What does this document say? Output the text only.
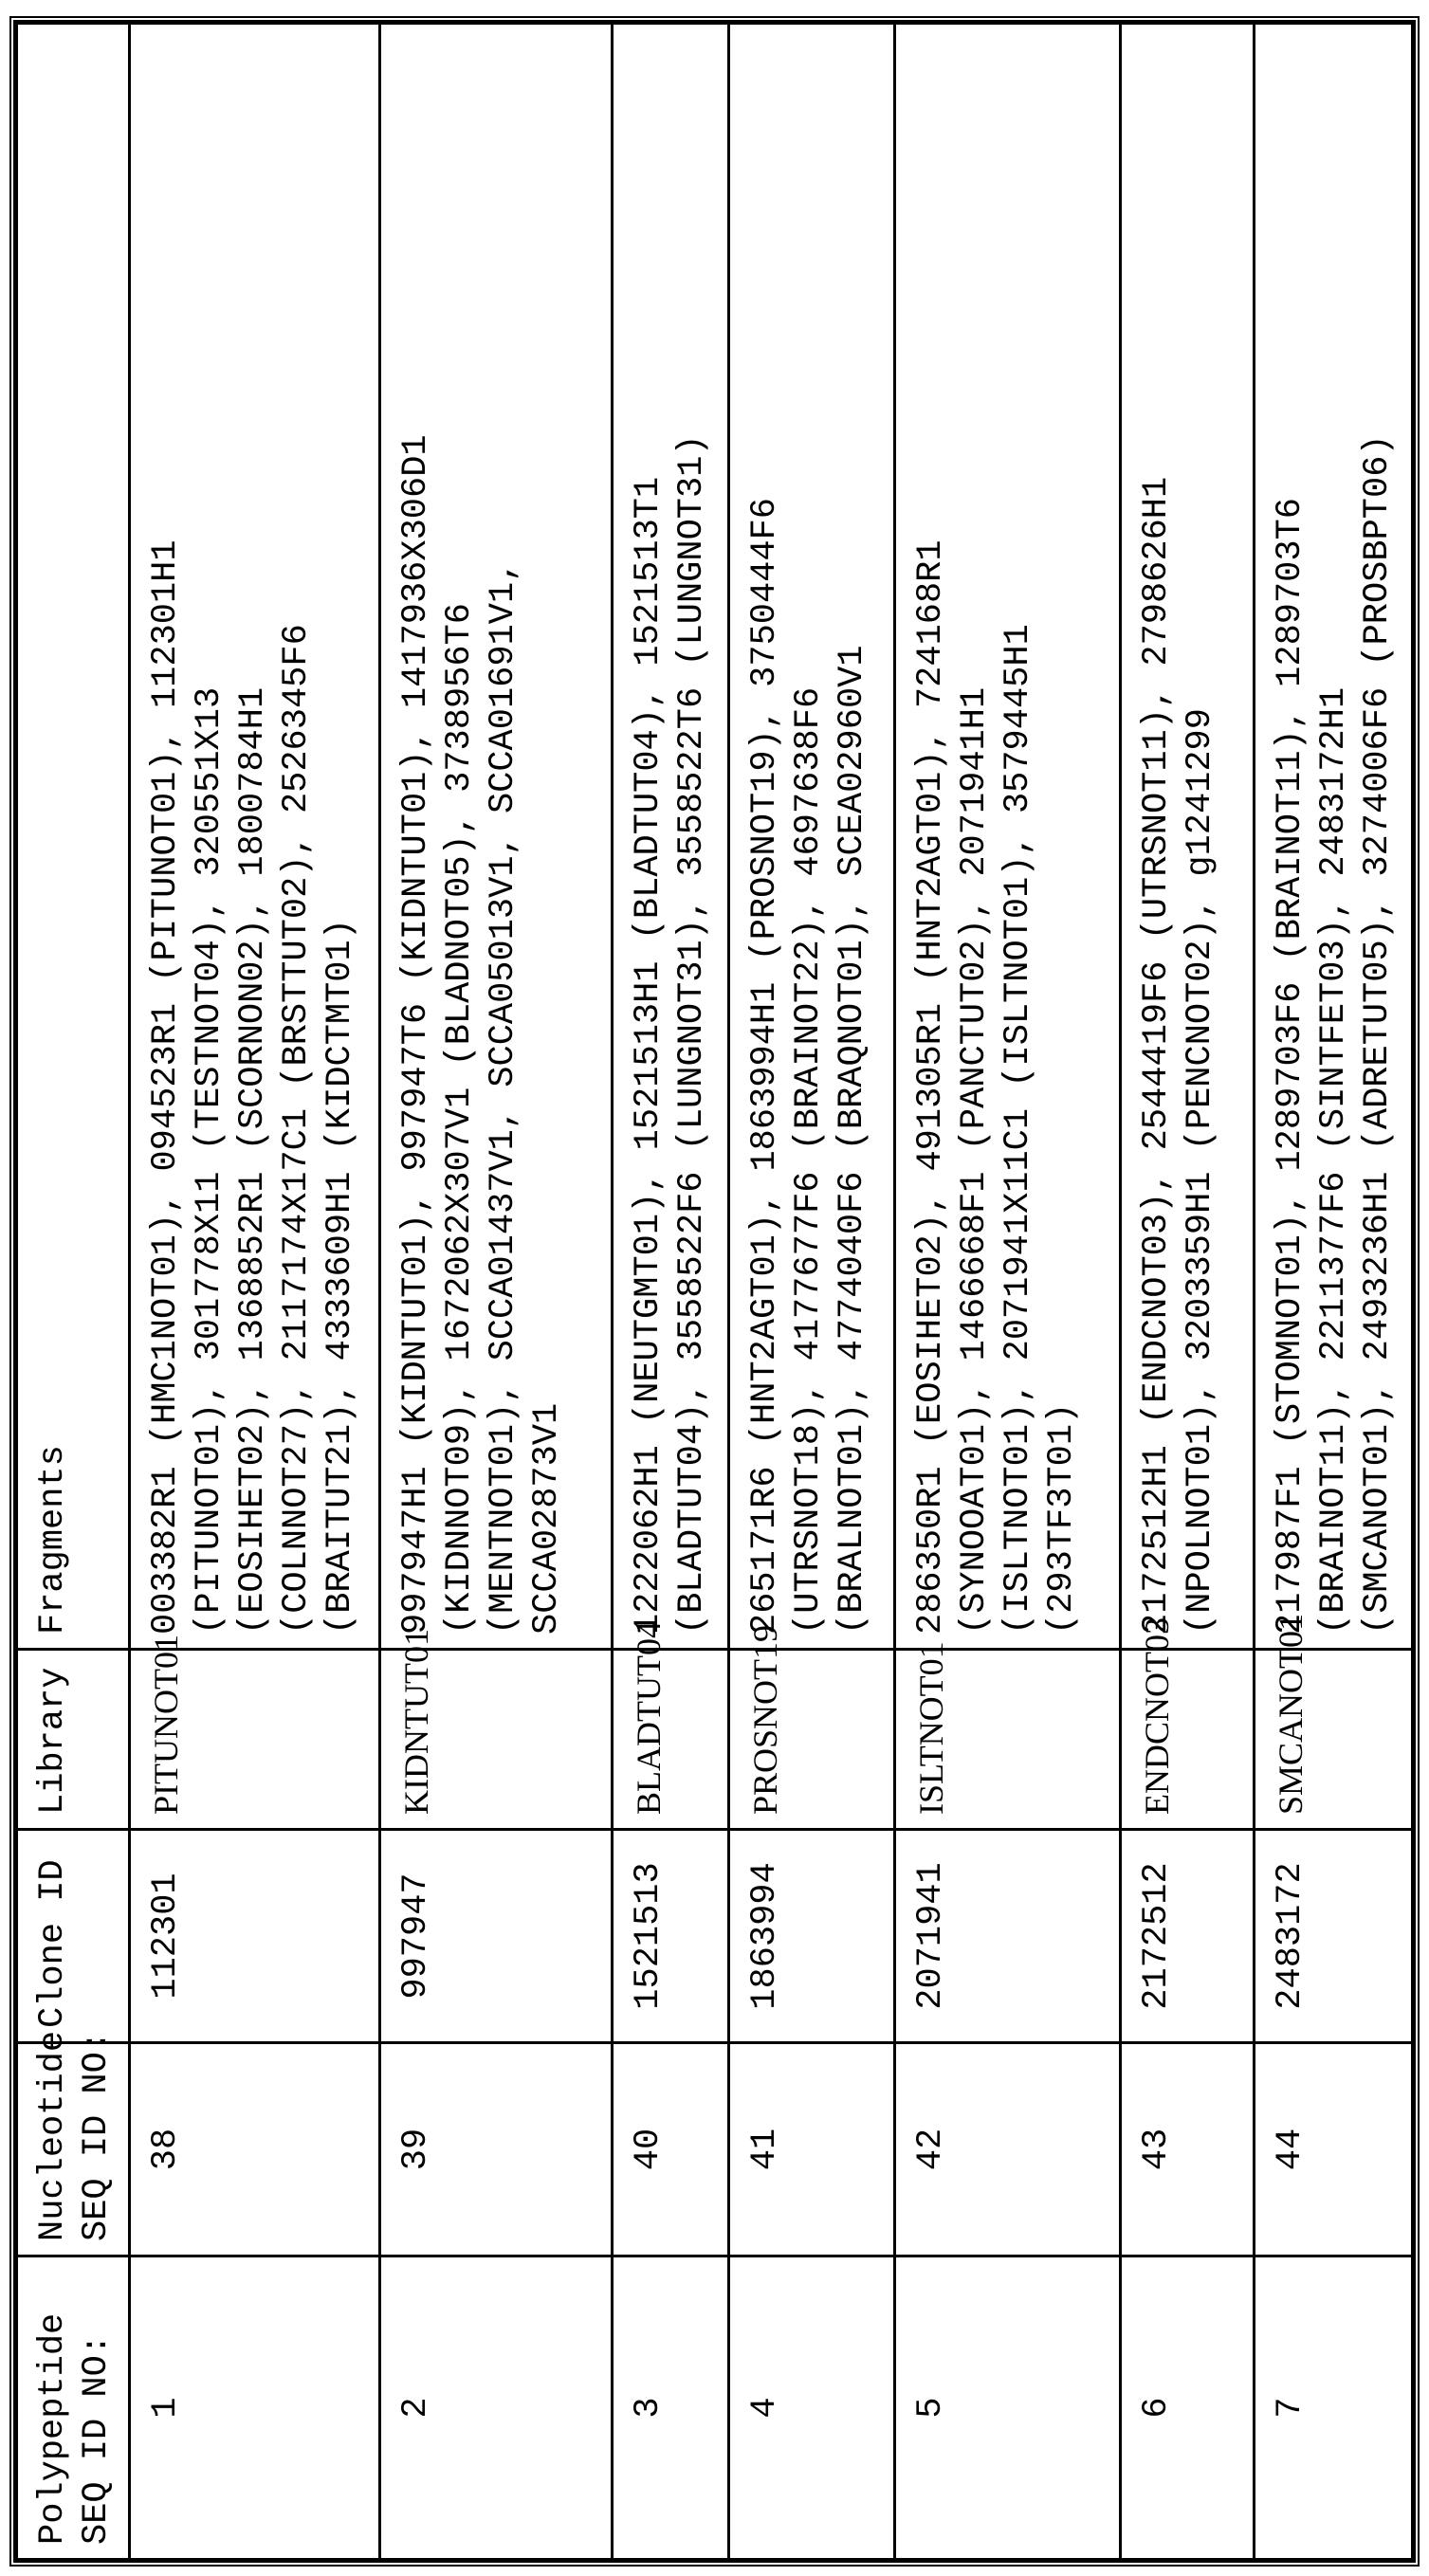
Polypeptide SEQ ID NO:

Nucleotide SEQ ID NO:
	Clone ID	Library	Fragments
1	38	112301	PITUNOT01	
003382R1 (HMC1NOT01), 094523R1 (PITUNOT01), 112301H1 (PITUNOT01), 301778X11 (TESTNOT04), 320551X13 (EOSIHET02), 1368852R1 (SCORNON02), 1800784H1 (COLNNOT27), 2117174X17C1 (BRSTTUT02), 2526345F6 (BRAITUT21), 4333609H1 (KIDCTMT01)

2	39	997947	KIDNTUT01	
997947H1 (KIDNTUT01), 997947T6 (KIDNTUT01), 1417936X306D1 (KIDNNOT09), 1672062X307V1 (BLADNOT05), 3738956T6 (MENTNOT01), SCCA01437V1, SCCA05013V1, SCCA01691V1, SCCA02873V1

3	40	1521513	BLADTUT04	
1222062H1 (NEUTGMT01), 1521513H1 (BLADTUT04), 1521513T1 (BLADTUT04), 3558522F6 (LUNGNOT31), 3558522T6 (LUNGNOT31)

4	41	1863994	PROSNOT19	
265171R6 (HNT2AGT01), 1863994H1 (PROSNOT19), 3750444F6 (UTRSNOT18), 4177677F6 (BRAINOT22), 4697638F6 (BRALNOT01), 4774040F6 (BRAQNOT01), SCEA02960V1

5	42	2071941	ISLTNOT01	
286350R1 (EOSIHET02), 491305R1 (HNT2AGT01), 724168R1 (SYNOOAT01), 1466668F1 (PANCTUT02), 2071941H1 (ISLTNOT01), 2071941X11C1 (ISLTNOT01), 3579445H1 (293TF3T01)

6	43	2172512	ENDCNOT03	
2172512H1 (ENDCNOT03), 2544419F6 (UTRSNOT11), 2798626H1 (NPOLNOT01), 3203359H1 (PENCNOT02), g1241299

7	44	2483172	SMCANOT01	
217987F1 (STOMNOT01), 1289703F6 (BRAINOT11), 1289703T6 (BRAINOT11), 2211377F6 (SINTFET03), 2483172H1 (SMCANOT01), 2493236H1 (ADRETUT05), 3274006F6 (PROSBPT06)
